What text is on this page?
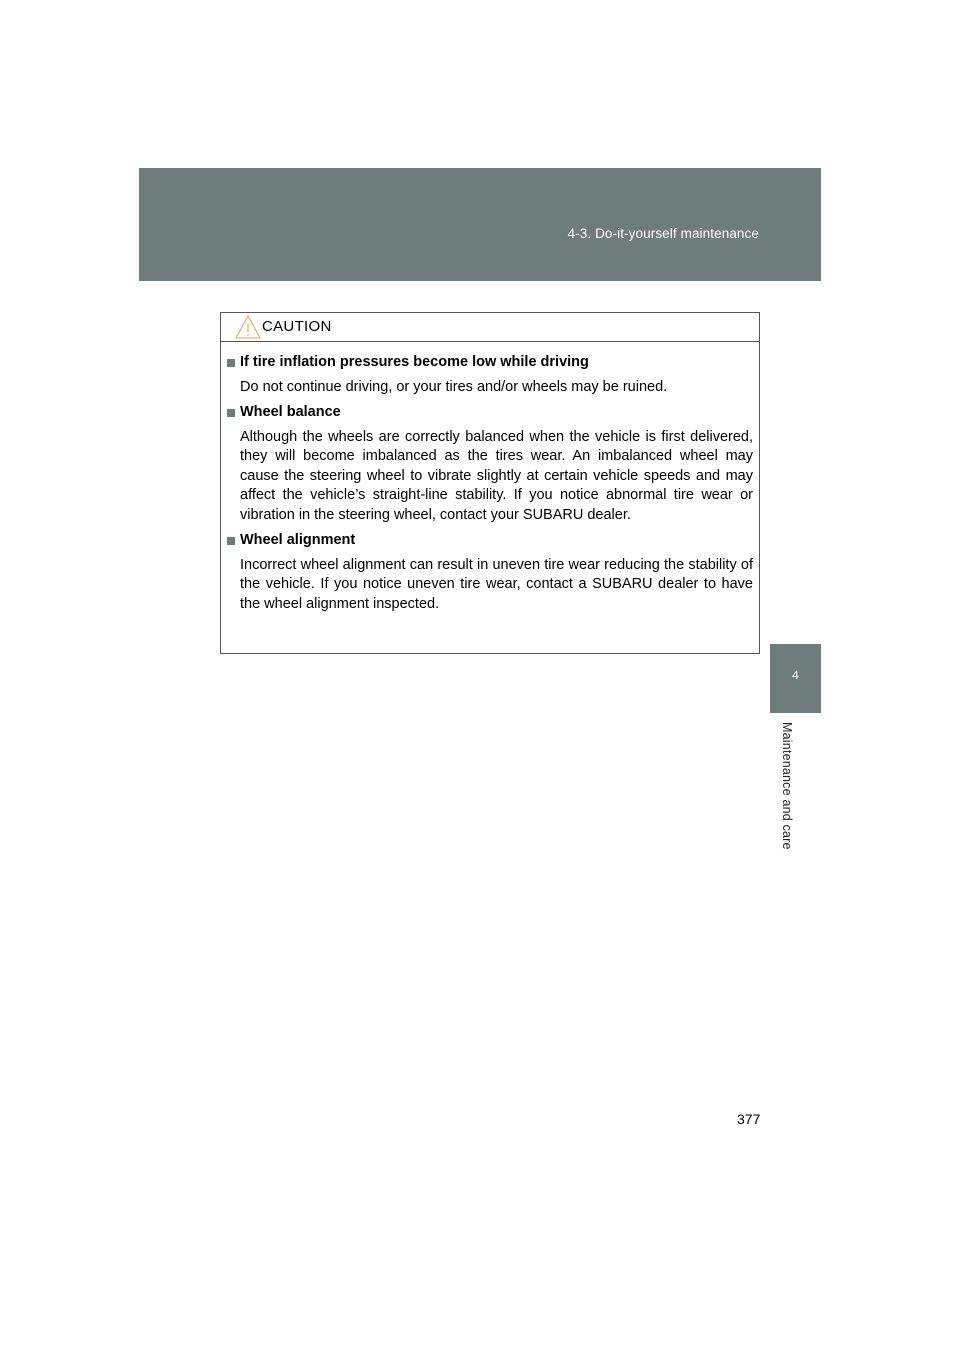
4-3. Do-it-yourself maintenance
4
Maintenance and care
CAUTION
If tire inflation pressures become low while driving
Do not continue driving, or your tires and/or wheels may be ruined.
Wheel balance
Although the wheels are correctly balanced when the vehicle is first delivered, they will become imbalanced as the tires wear. An imbalanced wheel may cause the steering wheel to vibrate slightly at certain vehicle speeds and may affect the vehicle’s straight-line stability. If you notice abnormal tire wear or vibration in the steering wheel, contact your SUBARU dealer.
Wheel alignment
Incorrect wheel alignment can result in uneven tire wear reducing the stability of the vehicle. If you notice uneven tire wear, contact a SUBARU dealer to have the wheel alignment inspected.
377
